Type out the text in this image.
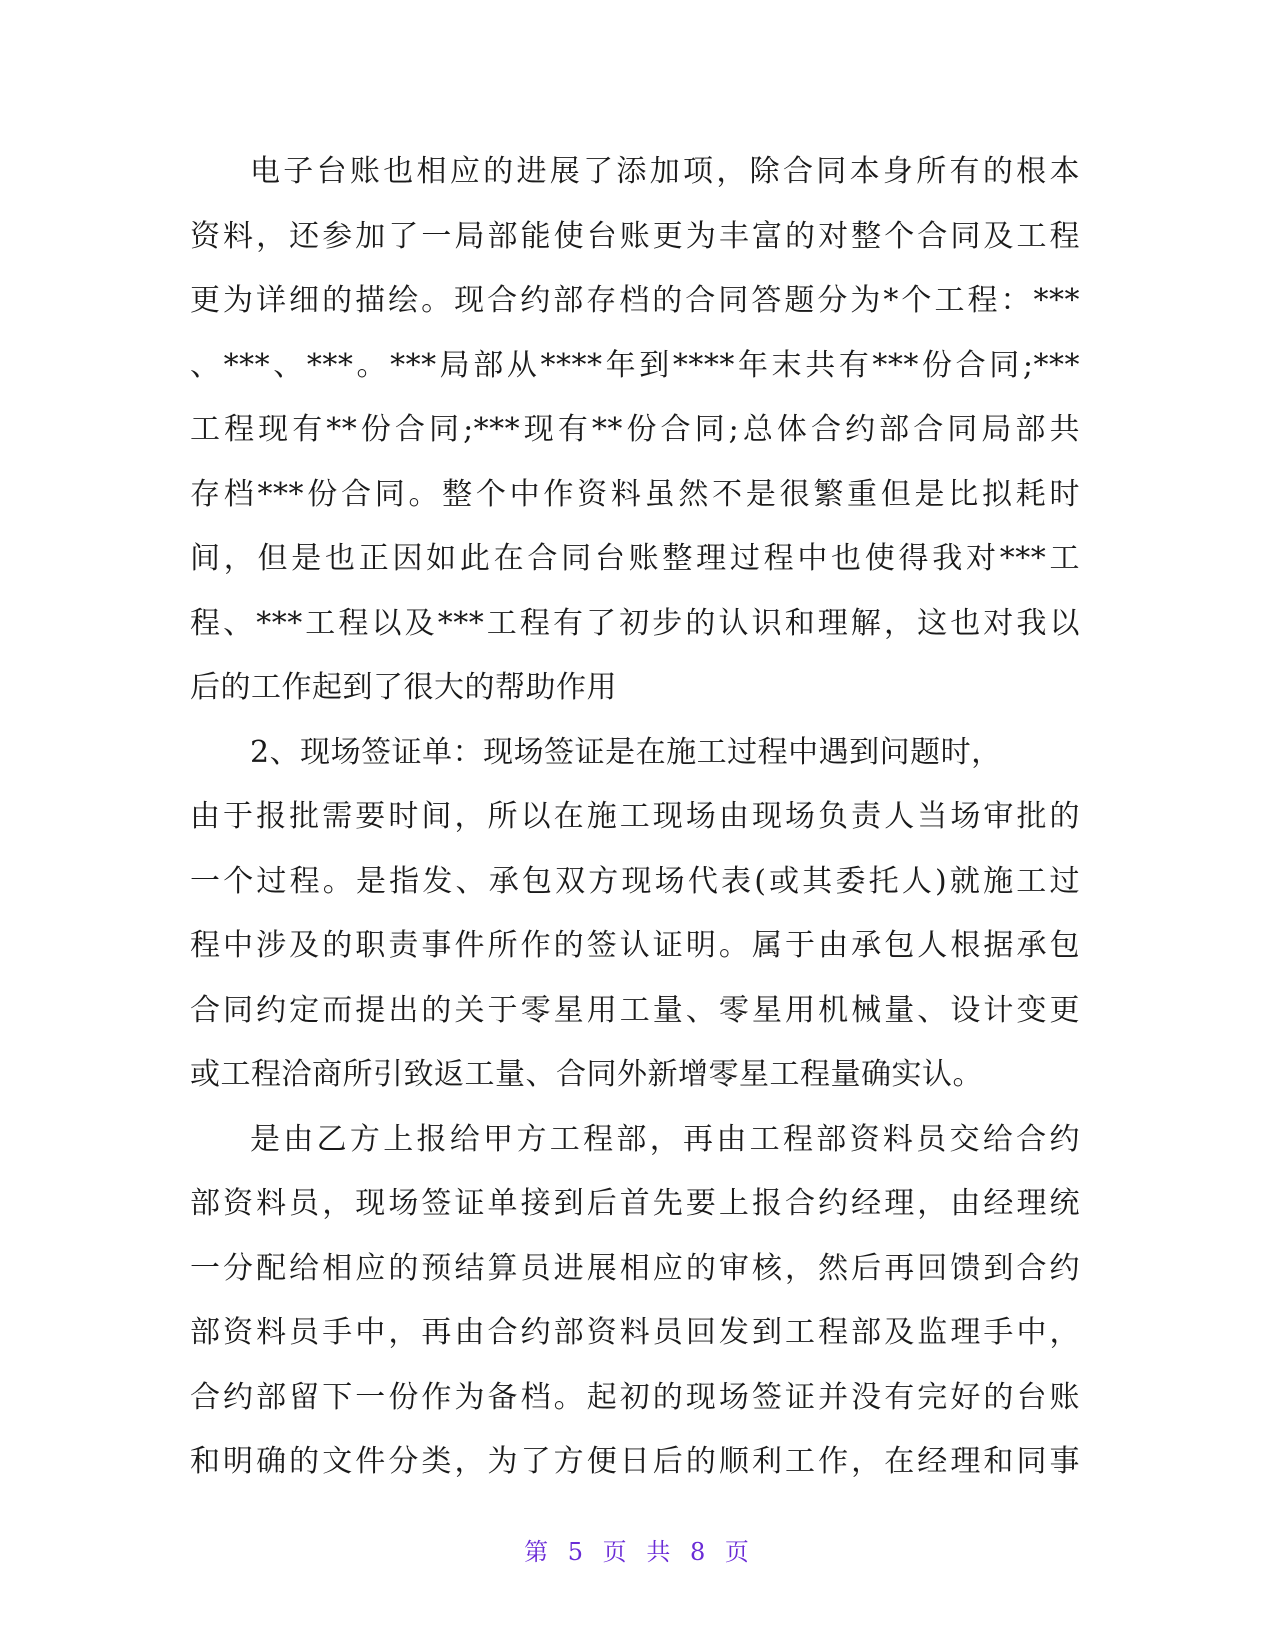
电子台账也相应的进展了添加项，除合同本身所有的根本
资料，还参加了一局部能使台账更为丰富的对整个合同及工程
更为详细的描绘。现合约部存档的合同答题分为*个工程：***
、***、***。***局部从****年到****年末共有***份合同;***
工程现有**份合同;***现有**份合同;总体合约部合同局部共
存档***份合同。整个中作资料虽然不是很繁重但是比拟耗时
间，但是也正因如此在合同台账整理过程中也使得我对***工
程、***工程以及***工程有了初步的认识和理解，这也对我以
后的工作起到了很大的帮助作用
2、现场签证单：现场签证是在施工过程中遇到问题时，
由于报批需要时间，所以在施工现场由现场负责人当场审批的
一个过程。是指发、承包双方现场代表(或其委托人)就施工过
程中涉及的职责事件所作的签认证明。属于由承包人根据承包
合同约定而提出的关于零星用工量、零星用机械量、设计变更
或工程洽商所引致返工量、合同外新增零星工程量确实认。
是由乙方上报给甲方工程部，再由工程部资料员交给合约
部资料员，现场签证单接到后首先要上报合约经理，由经理统
一分配给相应的预结算员进展相应的审核，然后再回馈到合约
部资料员手中，再由合约部资料员回发到工程部及监理手中，
合约部留下一份作为备档。起初的现场签证并没有完好的台账
和明确的文件分类，为了方便日后的顺利工作，在经理和同事
第 5 页 共 8 页
